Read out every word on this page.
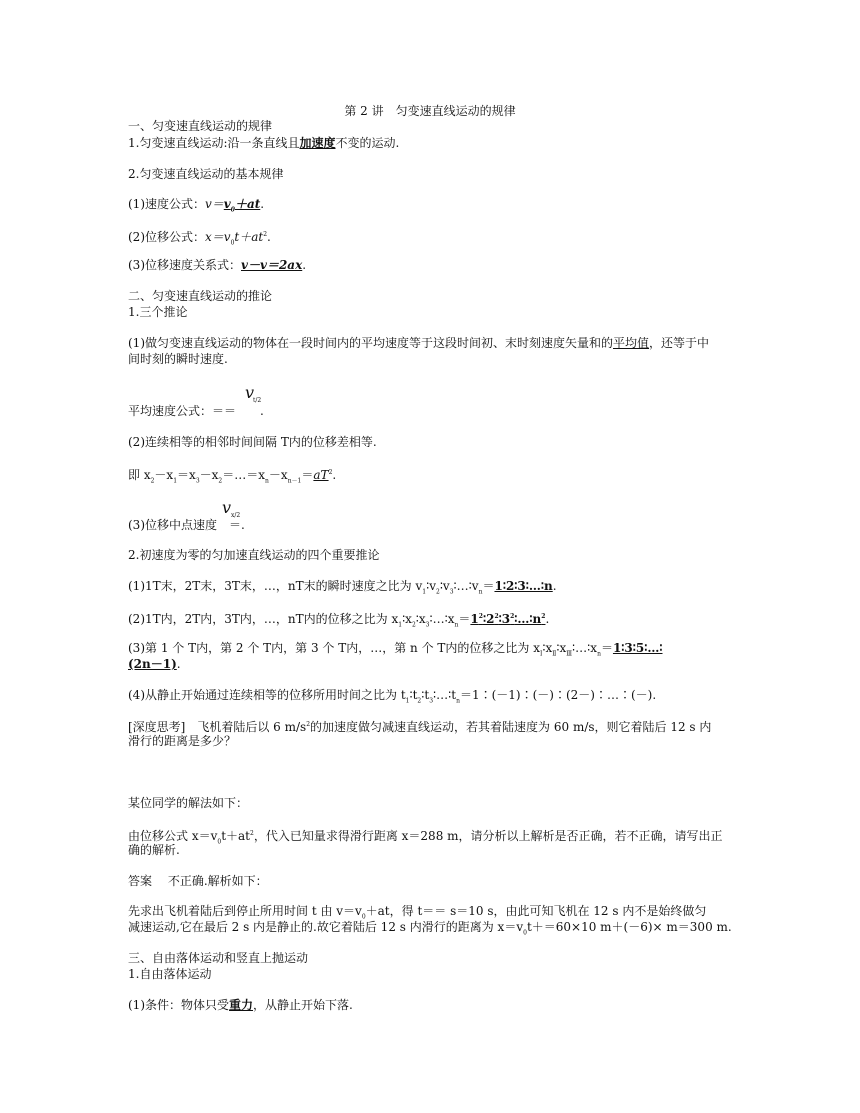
第 2 讲　匀变速直线运动的规律
一、匀变速直线运动的规律
1.匀变速直线运动:沿一条直线且加速度不变的运动.
2.匀变速直线运动的基本规律
(1)速度公式：$v=v_0+at$.
(2)位移公式：$x=v_0t+at^2$.
(3)位移速度关系式：v－v＝2ax.
二、匀变速直线运动的推论
1.三个推论
(1)做匀变速直线运动的物体在一段时间内的平均速度等于这段时间初、末时刻速度矢量和的平均值，还等于中
间时刻的瞬时速度.
v
t/2
平均速度公式：＝＝ .
(2)连续相等的相邻时间间隔 T内的位移差相等.
即 $x_2-x_1=x_3-x_2=\dots=x_n-x_{n-1}=aT^2$.
v x/2
(3)位移中点速度 ＝.
2.初速度为零的匀加速直线运动的四个重要推论
(1)1T末，2T末，3T末，…，nT末的瞬时速度之比为 $v_1∶v_2∶v_3∶\dots∶v_n=1∶2∶3∶\dots∶n$.
(2)1T内，2T内，3T内，…，nT内的位移之比为 $x_1∶x_2∶x_3∶\dots∶x_n=1^2∶2^2∶3^2∶\dots∶n^2$.
(3)第 1 个 T内，第 2 个 T内，第 3 个 T内，…，第 n 个 T内的位移之比为 $x_Ⅰ∶x_Ⅱ∶x_Ⅲ∶\dots∶x_n=1∶3∶5∶\dots∶$
(2n－1).
(4)从静止开始通过连续相等的位移所用时间之比为 $t_1∶t_2∶t_3∶\dots∶t_n=1∶(-1)∶(-)∶(2-)∶\dots∶(-)$.
[深度思考]　飞机着陆后以 6 $m/s^2$的加速度做匀减速直线运动，若其着陆速度为 60 m/s，则它着陆后 12 s 内
滑行的距离是多少？
某位同学的解法如下：
由位移公式 $x=v_0t+at^2$，代入已知量求得滑行距离 x＝288 m，请分析以上解析是否正确，若不正确，请写出正
确的解析.
答案　 不正确.解析如下：
先求出飞机着陆后到停止所用时间 t 由 $v=v_0+at$，得 t＝＝ s＝10 s，由此可知飞机在 12 s 内不是始终做匀
减速运动,它在最后 2 s 内是静止的.故它着陆后 12 s 内滑行的距离为 $x=v_0t+=60\times 10$ m＋(－6)× m＝300 m.
三、自由落体运动和竖直上抛运动
1.自由落体运动
(1)条件：物体只受重力，从静止开始下落.
